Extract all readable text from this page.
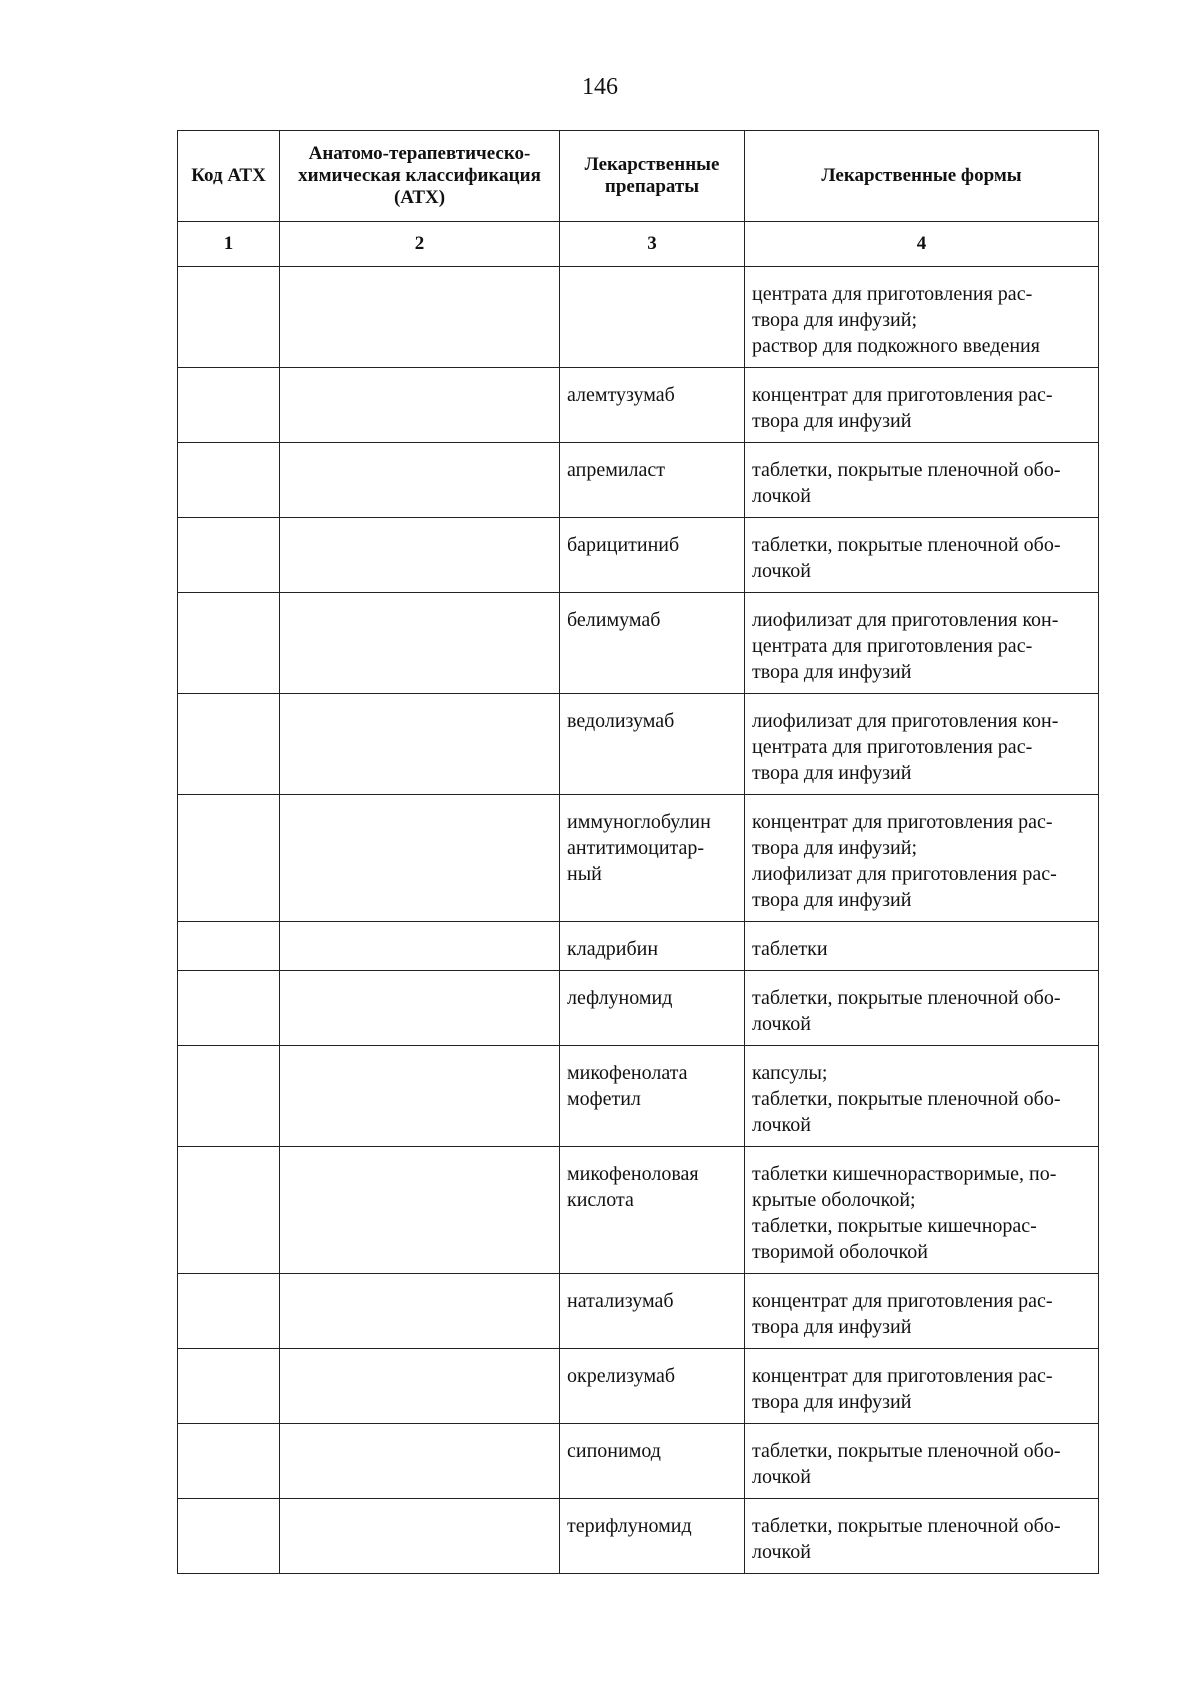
146
Код АТХ	Анатомо-терапевтическо-химическая классификация (АТХ)	Лекарственные препараты	Лекарственные формы
1	2	3	4

			центрата для приготовления рас-
твора для инфузий;
раствор для подкожного введения

		алемтузумаб	концентрат для приготовления рас-
твора для инфузий

		апремиласт	таблетки, покрытые пленочной обо-
лочкой

		барицитиниб	таблетки, покрытые пленочной обо-
лочкой

		белимумаб	лиофилизат для приготовления кон-
центрата для приготовления рас-
твора для инфузий

		ведолизумаб	лиофилизат для приготовления кон-
центрата для приготовления рас-
твора для инфузий

		иммуноглобулин
антитимоцитар-
ный	концентрат для приготовления рас-
твора для инфузий;
лиофилизат для приготовления рас-
твора для инфузий

		кладрибин	таблетки

		лефлуномид	таблетки, покрытые пленочной обо-
лочкой

		микофенолата
мофетил	капсулы;
таблетки, покрытые пленочной обо-
лочкой

		микофеноловая
кислота	таблетки кишечнорастворимые, по-
крытые оболочкой;
таблетки, покрытые кишечнорас-
творимой оболочкой

		натализумаб	концентрат для приготовления рас-
твора для инфузий

		окрелизумаб	концентрат для приготовления рас-
твора для инфузий

		сипонимод	таблетки, покрытые пленочной обо-
лочкой

		терифлуномид	таблетки, покрытые пленочной обо-
лочкой
